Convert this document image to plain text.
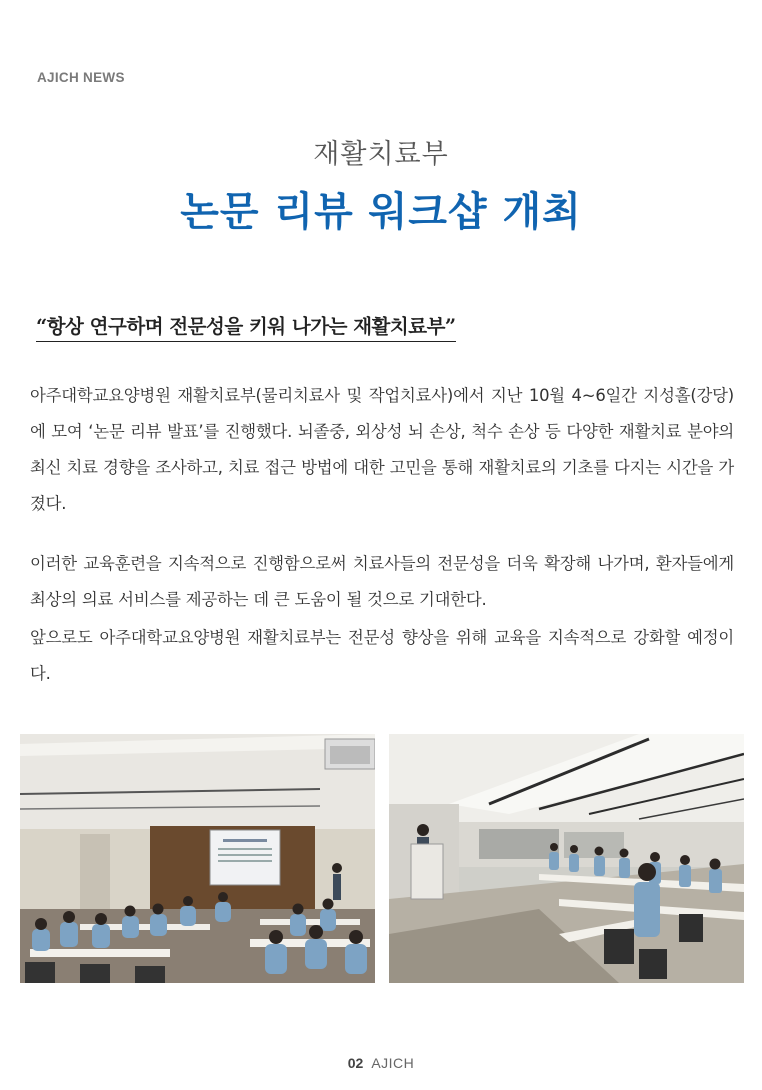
AJICH NEWS
재활치료부
논문 리뷰 워크샵 개최
“항상 연구하며 전문성을 키워 나가는 재활치료부”
아주대학교요양병원 재활치료부(물리치료사 및 작업치료사)에서 지난 10월 4~6일간 지성홀(강당)에 모여 ‘논문 리뷰 발표’를 진행했다. 뇌졸중, 외상성 뇌 손상, 척수 손상 등 다양한 재활치료 분야의 최신 치료 경향을 조사하고, 치료 접근 방법에 대한 고민을 통해 재활치료의 기초를 다지는 시간을 가졌다.
이러한 교육훈련을 지속적으로 진행함으로써 치료사들의 전문성을 더욱 확장해 나가며, 환자들에게 최상의 의료 서비스를 제공하는 데 큰 도움이 될 것으로 기대한다.
앞으로도 아주대학교요양병원 재활치료부는 전문성 향상을 위해 교육을 지속적으로 강화할 예정이다.
02 AJICH
